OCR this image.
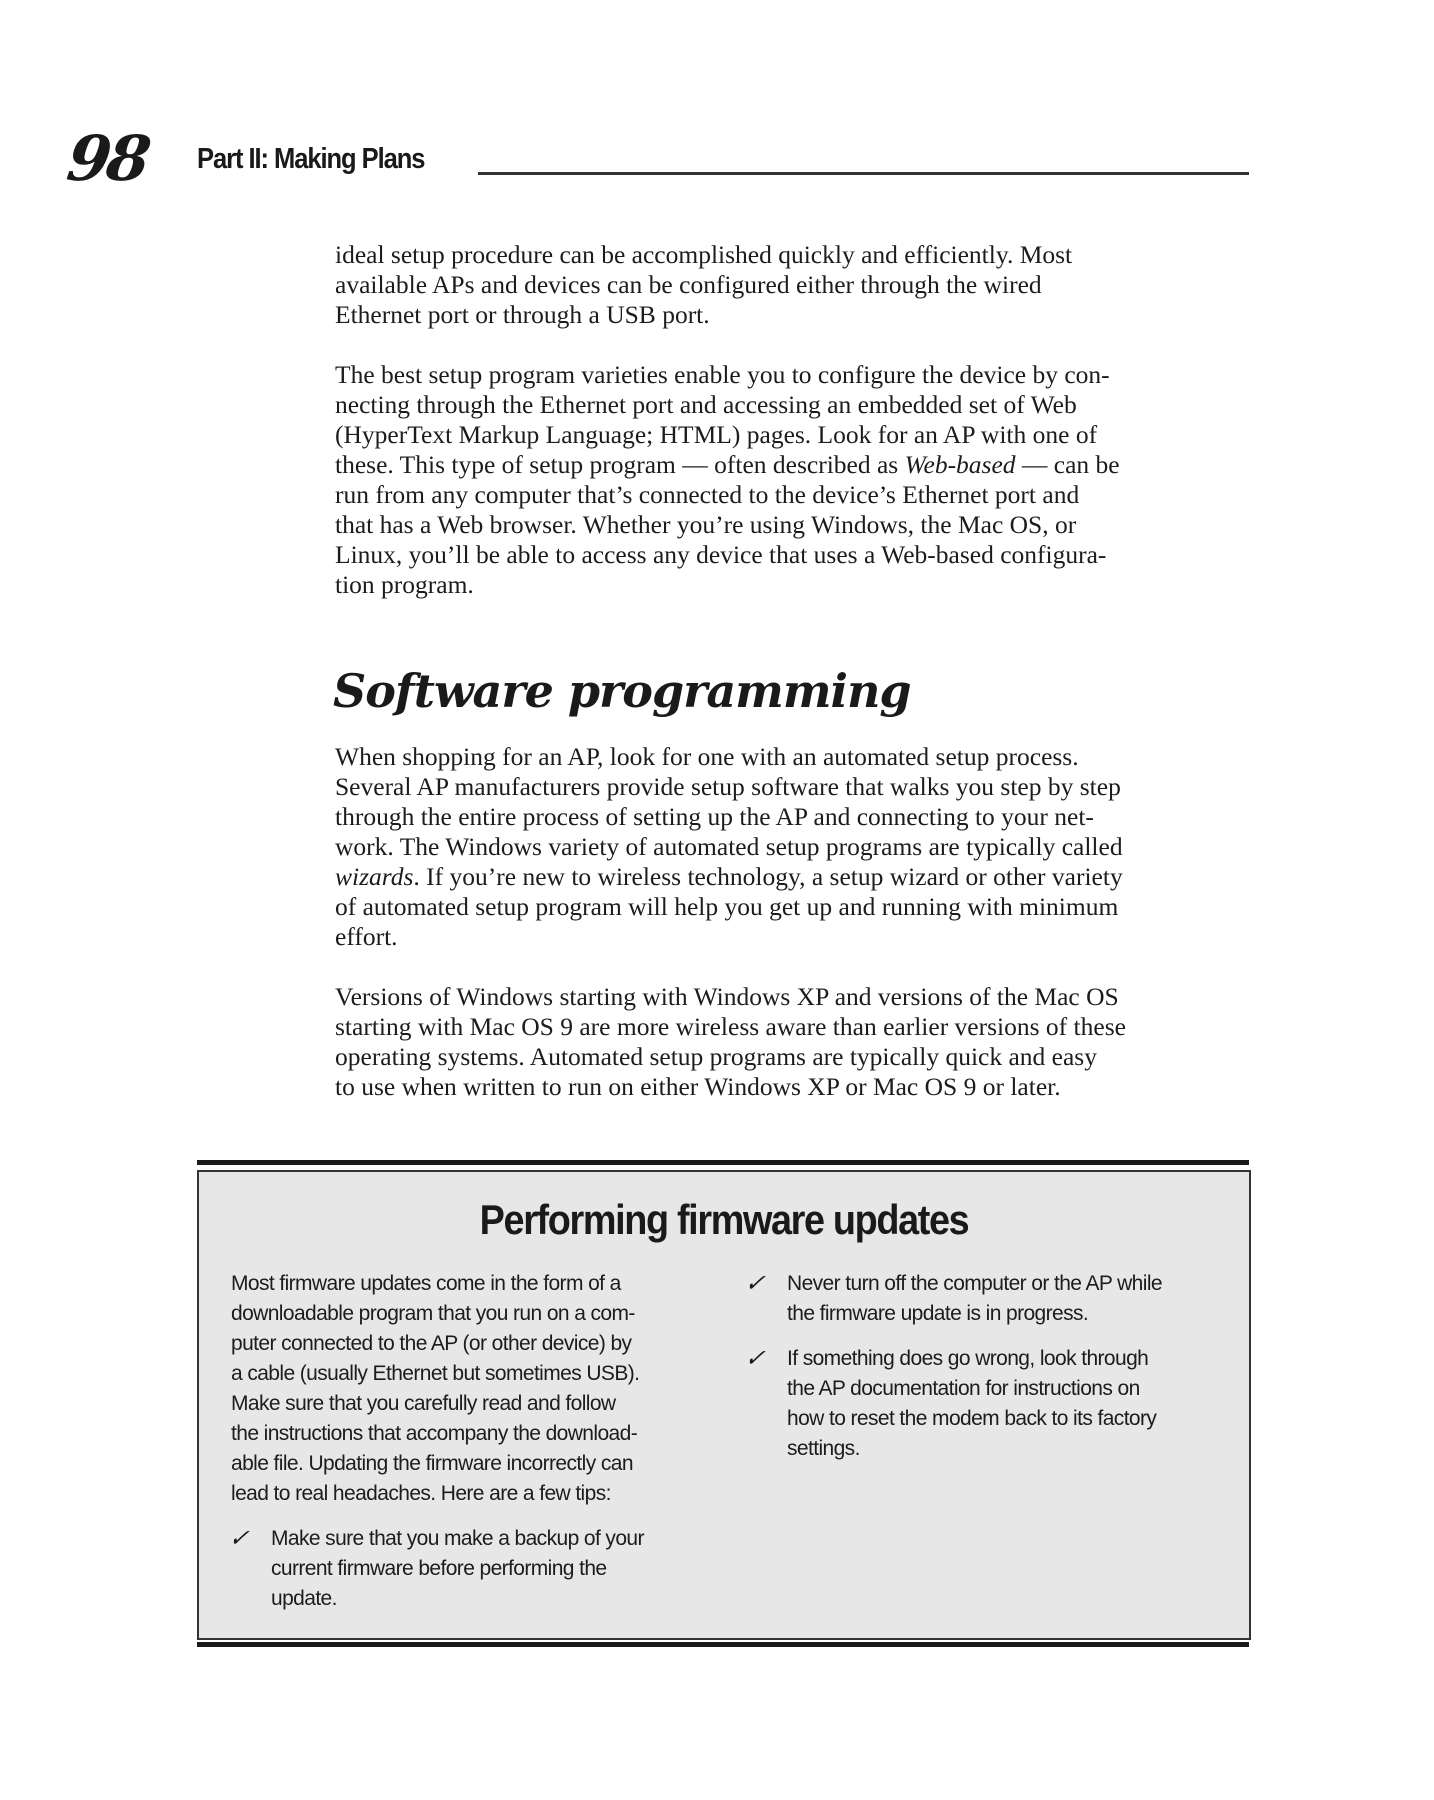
98 Part II: Making Plans
ideal setup procedure can be accomplished quickly and efficiently. Most
available APs and devices can be configured either through the wired
Ethernet port or through a USB port.
The best setup program varieties enable you to configure the device by con-
necting through the Ethernet port and accessing an embedded set of Web
(HyperText Markup Language; HTML) pages. Look for an AP with one of
these. This type of setup program — often described as Web-based — can be
run from any computer that’s connected to the device’s Ethernet port and
that has a Web browser. Whether you’re using Windows, the Mac OS, or
Linux, you’ll be able to access any device that uses a Web-based configura-
tion program.
Software programming
When shopping for an AP, look for one with an automated setup process.
Several AP manufacturers provide setup software that walks you step by step
through the entire process of setting up the AP and connecting to your net-
work. The Windows variety of automated setup programs are typically called
wizards. If you’re new to wireless technology, a setup wizard or other variety
of automated setup program will help you get up and running with minimum
effort.
Versions of Windows starting with Windows XP and versions of the Mac OS
starting with Mac OS 9 are more wireless aware than earlier versions of these
operating systems. Automated setup programs are typically quick and easy
to use when written to run on either Windows XP or Mac OS 9 or later.
Performing firmware updates
Most firmware updates come in the form of a
downloadable program that you run on a com-
puter connected to the AP (or other device) by
a cable (usually Ethernet but sometimes USB).
Make sure that you carefully read and follow
the instructions that accompany the download-
able file. Updating the firmware incorrectly can
lead to real headaches. Here are a few tips:
✓ Make sure that you make a backup of your
current firmware before performing the
update.
✓ Never turn off the computer or the AP while
the firmware update is in progress.
✓ If something does go wrong, look through
the AP documentation for instructions on
how to reset the modem back to its factory
settings.
